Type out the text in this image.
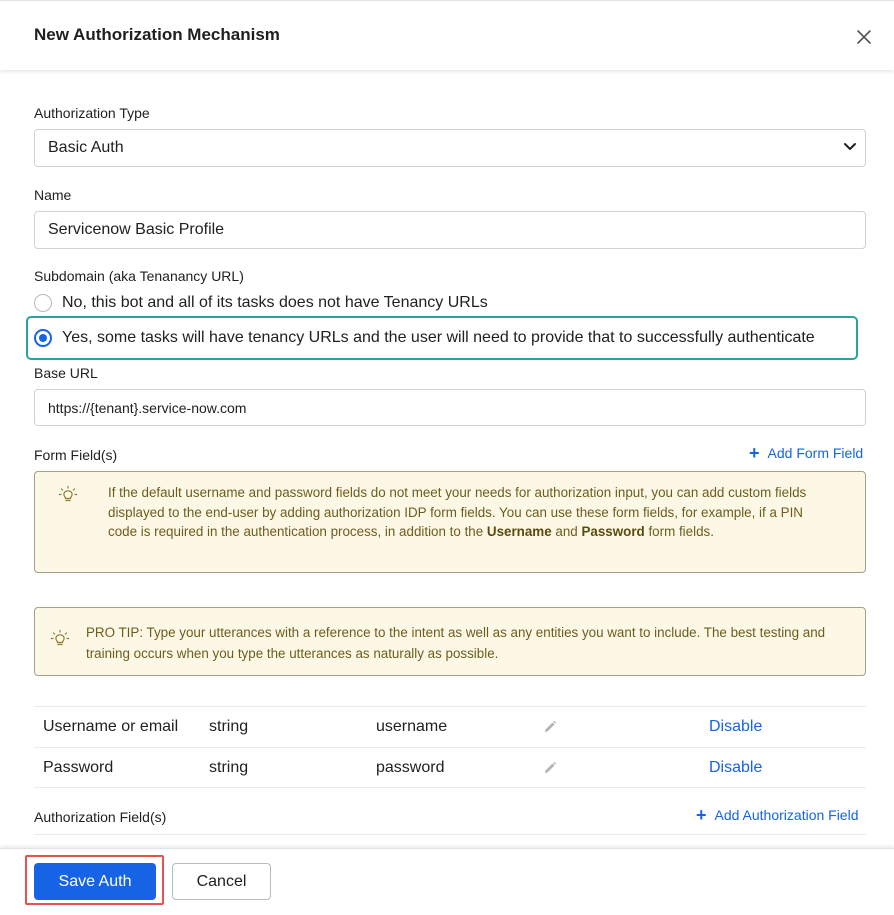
New Authorization Mechanism
Authorization Type
Basic Auth
Name
Servicenow Basic Profile
Subdomain (aka Tenanancy URL)
No, this bot and all of its tasks does not have Tenancy URLs
Yes, some tasks will have tenancy URLs and the user will need to provide that to successfully authenticate
Base URL
https://{tenant}.service-now.com
Form Field(s)	+ Add Form Field
If the default username and password fields do not meet your needs for authorization input, you can add custom fields displayed to the end-user by adding authorization IDP form fields. You can use these form fields, for example, if a PIN code is required in the authentication process, in addition to the Username and Password form fields.
PRO TIP: Type your utterances with a reference to the intent as well as any entities you want to include. The best testing and training occurs when you type the utterances as naturally as possible.
Username or email string	username	Disable
Password	string	password	Disable
Authorization Field(s)	+ Add Authorization Field
Save Auth	Cancel
